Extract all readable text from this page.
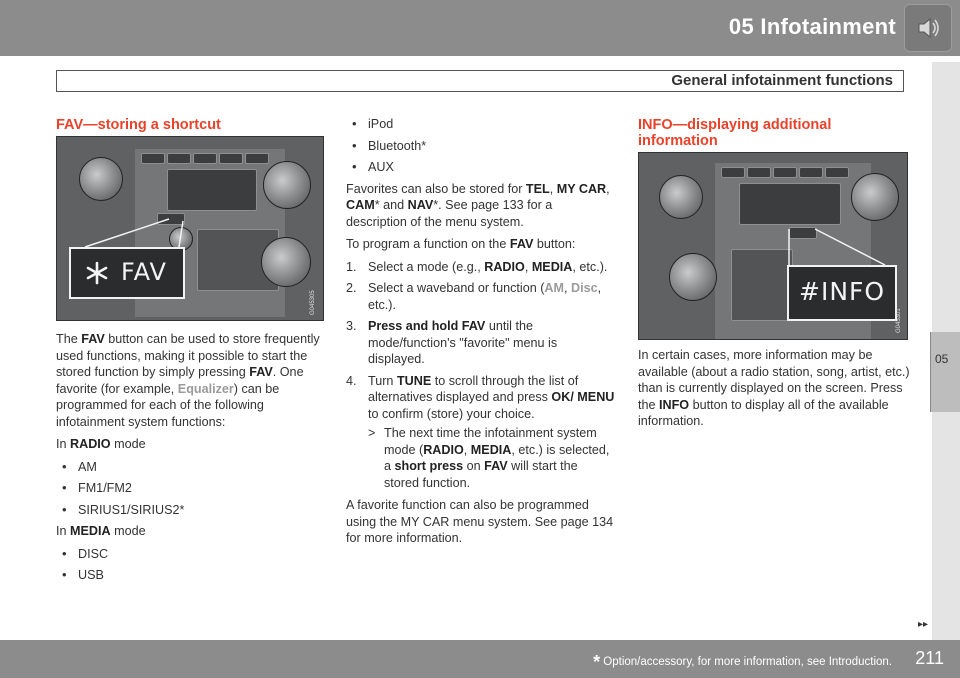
05 Infotainment
General infotainment functions
05
FAV—storing a shortcut
FAV
G045305

The FAV button can be used to store frequently used functions, making it possible to start the stored function by simply pressing FAV. One favorite (for example, Equalizer) can be programmed for each of the following infotainment system functions:

In RADIO mode

• AM
• FM1/FM2
• SIRIUS1/SIRIUS2*

In MEDIA mode

• DISC
• USB
• iPod
• Bluetooth*
• AUX

Favorites can also be stored for TEL, MY CAR, CAM* and NAV*. See page 133 for a description of the menu system.

To program a function on the FAV button:

1. Select a mode (e.g., RADIO, MEDIA, etc.).
2. Select a waveband or function (AM, Disc, etc.).
3. Press and hold FAV until the mode/function's "favorite" menu is displayed.
4. Turn TUNE to scroll through the list of alternatives displayed and press OK/ MENU to confirm (store) your choice.
> The next time the infotainment system mode (RADIO, MEDIA, etc.) is selected, a short press on FAV will start the stored function.

A favorite function can also be programmed using the MY CAR menu system. See page 134 for more information.

INFO—displaying additional information
#INFO
G045301

In certain cases, more information may be available (about a radio station, song, artist, etc.) than is currently displayed on the screen. Press the INFO button to display all of the available information.

▸▸
* Option/accessory, for more information, see Introduction. 211
